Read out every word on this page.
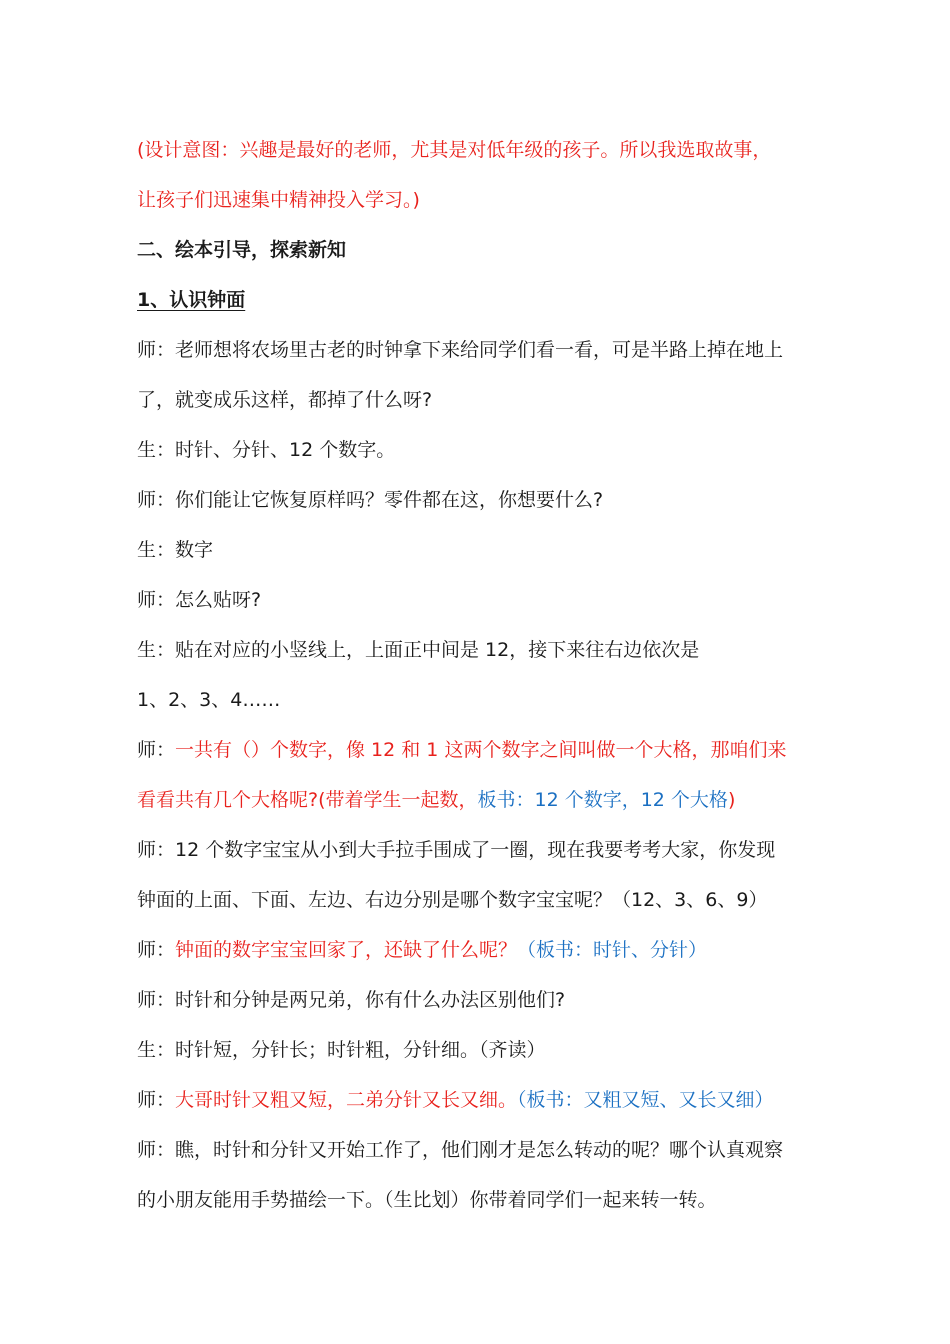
(设计意图：兴趣是最好的老师，尤其是对低年级的孩子。所以我选取故事，
让孩子们迅速集中精神投入学习。)
二、绘本引导，探索新知
1、认识钟面
师：老师想将农场里古老的时钟拿下来给同学们看一看，可是半路上掉在地上
了，就变成乐这样，都掉了什么呀?
生：时针、分针、12 个数字。
师：你们能让它恢复原样吗？零件都在这，你想要什么?
生：数字
师：怎么贴呀?
生：贴在对应的小竖线上，上面正中间是 12，接下来往右边依次是
1、2、3、4……
师：一共有（）个数字，像 12 和 1 这两个数字之间叫做一个大格，那咱们来
看看共有几个大格呢?(带着学生一起数，板书：12 个数字，12 个大格)
师：12 个数字宝宝从小到大手拉手围成了一圈，现在我要考考大家，你发现
钟面的上面、下面、左边、右边分别是哪个数字宝宝呢？（12、3、6、9）
师：钟面的数字宝宝回家了，还缺了什么呢？（板书：时针、分针）
师：时针和分钟是两兄弟，你有什么办法区别他们?
生：时针短，分针长；时针粗，分针细。（齐读）
师：大哥时针又粗又短，二弟分针又长又细。（板书：又粗又短、又长又细）
师：瞧，时针和分针又开始工作了，他们刚才是怎么转动的呢？哪个认真观察
的小朋友能用手势描绘一下。（生比划）你带着同学们一起来转一转。
